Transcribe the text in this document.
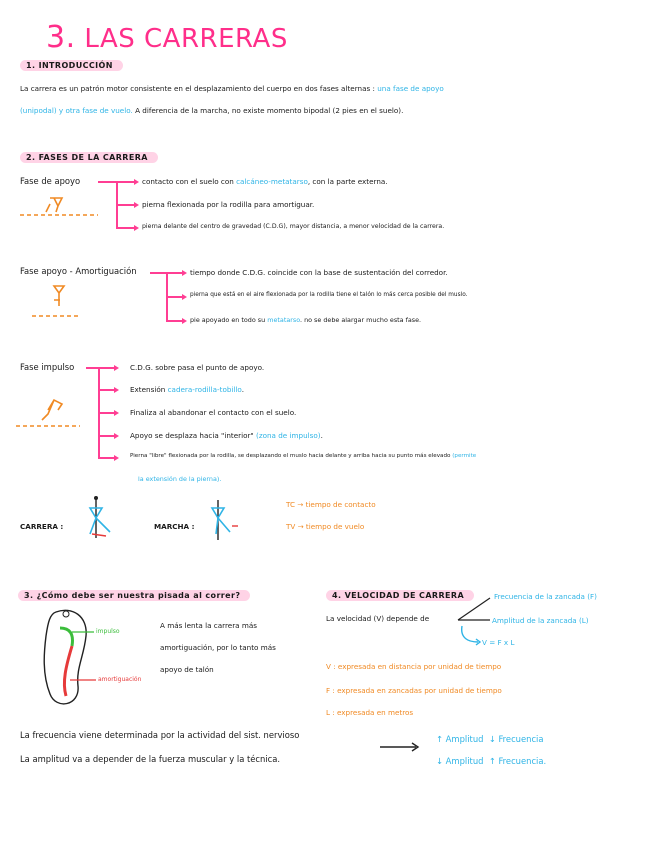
3. LAS CARRERAS
1. INTRODUCCIÓN
La carrera es un patrón motor consistente en el desplazamiento del cuerpo en dos fases alternas : una fase de apoyo
(unipodal) y otra fase de vuelo. A diferencia de la marcha, no existe momento bipodal (2 pies en el suelo).
2. FASES DE LA CARRERA
Fase de apoyo	contacto con el suelo con calcáneo-metatarso, con la parte externa.
pierna flexionada por la rodilla para amortiguar.
pierna delante del centro de gravedad (C.D.G), mayor distancia, a menor velocidad de la carrera.
Fase apoyo - Amortiguación	tiempo donde C.D.G. coincide con la base de sustentación del corredor.
pierna que está en el aire flexionada por la rodilla tiene el talón lo más cerca posible del muslo.
pie apoyado en todo su metatarso. no se debe alargar mucho esta fase.
Fase impulso	C.D.G. sobre pasa el punto de apoyo.
Extensión cadera-rodilla-tobillo.
Finaliza al abandonar el contacto con el suelo.
Apoyo se desplaza hacia "interior" (zona de impulso).
Pierna "libre" flexionada por la rodilla, se desplazando el muslo hacia delante y arriba hacia su punto más elevado (permite
la extensión de la pierna).
CARRERA :	MARCHA :
TC → tiempo de contacto
TV → tiempo de vuelo
3. ¿Cómo debe ser nuestra pisada al correr?
impulso
amortiguación
A más lenta la carrera más
amortiguación, por lo tanto más
apoyo de talón
4. VELOCIDAD DE CARRERA
La velocidad (V) depende de
Frecuencia de la zancada (F)
Amplitud de la zancada (L)
V = F x L
V : expresada en distancia por unidad de tiempo
F : expresada en zancadas por unidad de tiempo
L : expresada en metros
La frecuencia viene determinada por la actividad del sist. nervioso
La amplitud va a depender de la fuerza muscular y la técnica.
↑ Amplitud ↓ Frecuencia
↓ Amplitud ↑ Frecuencia.
